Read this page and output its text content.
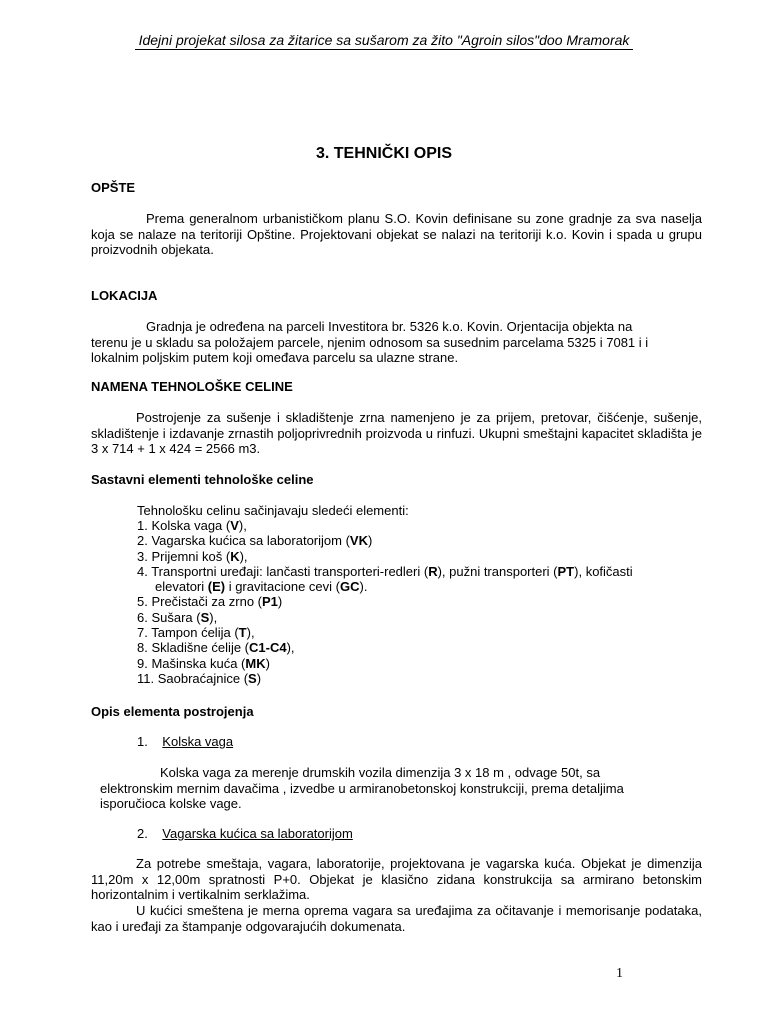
Idejni projekat silosa za žitarice sa sušarom za žito "Agroin silos"doo Mramorak
3. TEHNIČKI OPIS
OPŠTE
Prema generalnom urbanističkom planu S.O. Kovin definisane su zone gradnje za sva naselja koja se nalaze na teritoriji Opštine. Projektovani objekat se nalazi na teritoriji k.o. Kovin i spada u grupu proizvodnih objekata.
LOKACIJA
Gradnja je određena na parceli Investitora br. 5326 k.o. Kovin. Orjentacija objekta na
terenu je u skladu sa položajem parcele, njenim odnosom sa susednim parcelama 5325 i 7081 i i
lokalnim poljskim putem koji omeđava parcelu sa ulazne strane.
NAMENA TEHNOLOŠKE CELINE
Postrojenje za sušenje i skladištenje zrna namenjeno je za prijem, pretovar, čišćenje, sušenje, skladištenje i izdavanje zrnastih poljoprivrednih proizvoda u rinfuzi. Ukupni smeštajni kapacitet skladišta je 3 x 714 + 1 x 424 = 2566 m3.
Sastavni elementi tehnološke celine
Tehnološku celinu sačinjavaju sledeći elementi:
1. Kolska vaga (V),
2. Vagarska kućica sa laboratorijom (VK)
3. Prijemni koš (K),
4. Transportni uređaji: lančasti transporteri-redleri (R), pužni transporteri (PT), kofičasti
elevatori (E) i gravitacione cevi (GC).
5. Prečistači za zrno (P1)
6. Sušara (S),
7. Tampon ćelija (T),
8. Skladišne ćelije (C1-C4),
9. Mašinska kuća (MK)
11. Saobraćajnice (S)
Opis elementa postrojenja
1. Kolska vaga
Kolska vaga za merenje drumskih vozila dimenzija 3 x 18 m , odvage 50t, sa
elektronskim mernim davačima , izvedbe u armiranobetonskoj konstrukciji, prema detaljima
isporučioca kolske vage.
2. Vagarska kućica sa laboratorijom
Za potrebe smeštaja, vagara, laboratorije, projektovana je vagarska kuća. Objekat je dimenzija 11,20m x 12,00m spratnosti P+0. Objekat je klasično zidana konstrukcija sa armirano betonskim horizontalnim i vertikalnim serklažima.
U kućici smeštena je merna oprema vagara sa uređajima za očitavanje i memorisanje podataka, kao i uređaji za štampanje odgovarajućih dokumenata.
1
